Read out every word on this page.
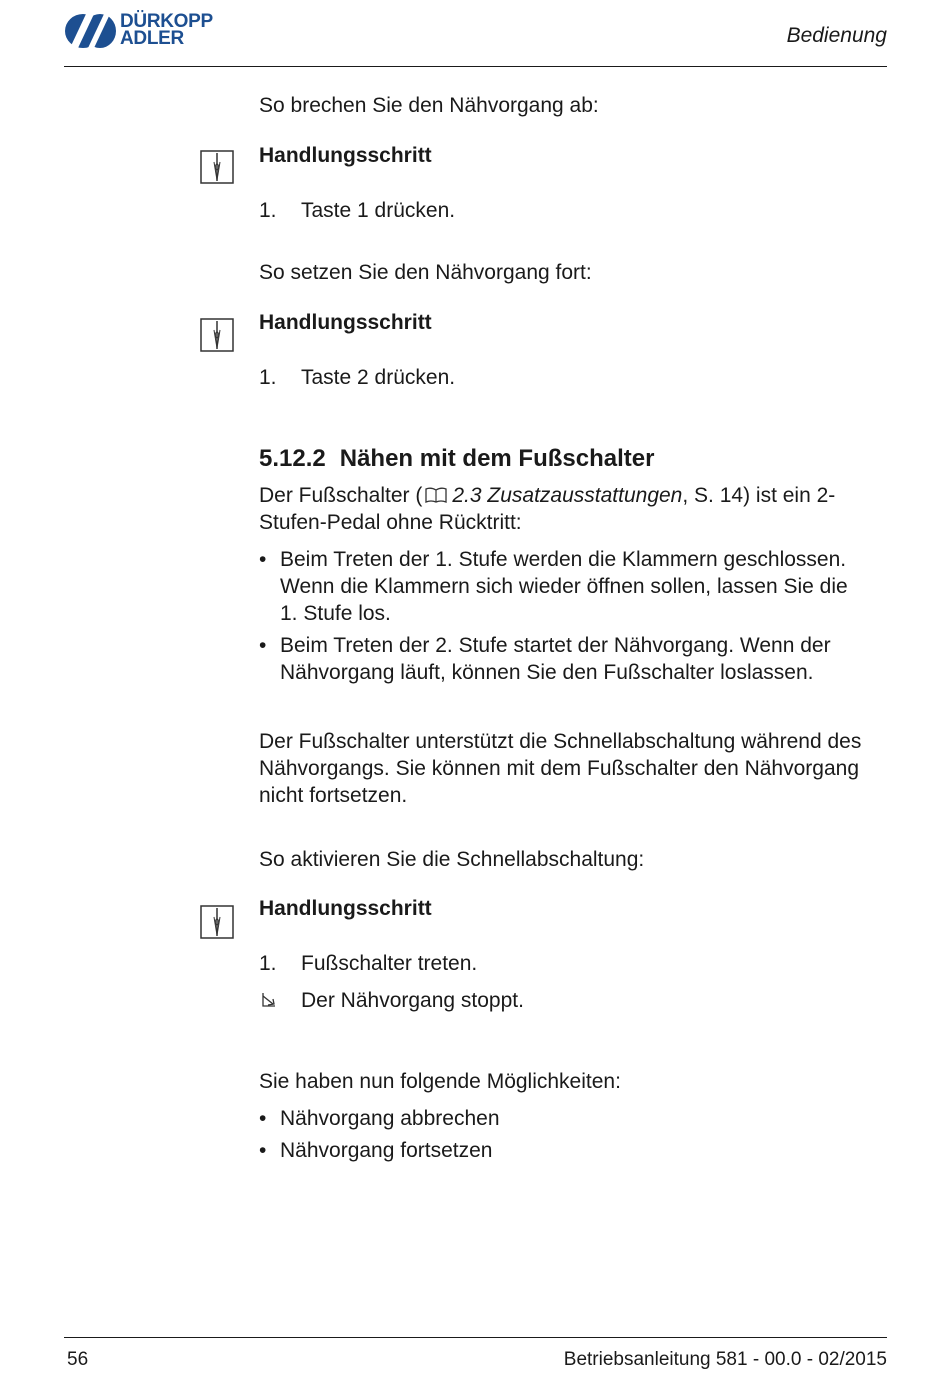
DÜRKOPP
ADLER	Bedienung
So brechen Sie den Nähvorgang ab:
Handlungsschritt
1.	Taste 1 drücken.
So setzen Sie den Nähvorgang fort:
Handlungsschritt
1.	Taste 2 drücken.
5.12.2 Nähen mit dem Fußschalter
Der Fußschalter ( 2.3 Zusatzausstattungen, S. 14) ist ein 2-
Stufen-Pedal ohne Rücktritt:
• Beim Treten der 1. Stufe werden die Klammern geschlossen.
Wenn die Klammern sich wieder öffnen sollen, lassen Sie die
1. Stufe los.
• Beim Treten der 2. Stufe startet der Nähvorgang. Wenn der
Nähvorgang läuft, können Sie den Fußschalter loslassen.
Der Fußschalter unterstützt die Schnellabschaltung während des
Nähvorgangs. Sie können mit dem Fußschalter den Nähvorgang
nicht fortsetzen.
So aktivieren Sie die Schnellabschaltung:
Handlungsschritt
1.	Fußschalter treten.
Der Nähvorgang stoppt.
Sie haben nun folgende Möglichkeiten:
• Nähvorgang abbrechen
• Nähvorgang fortsetzen
56	Betriebsanleitung 581 - 00.0 - 02/2015
